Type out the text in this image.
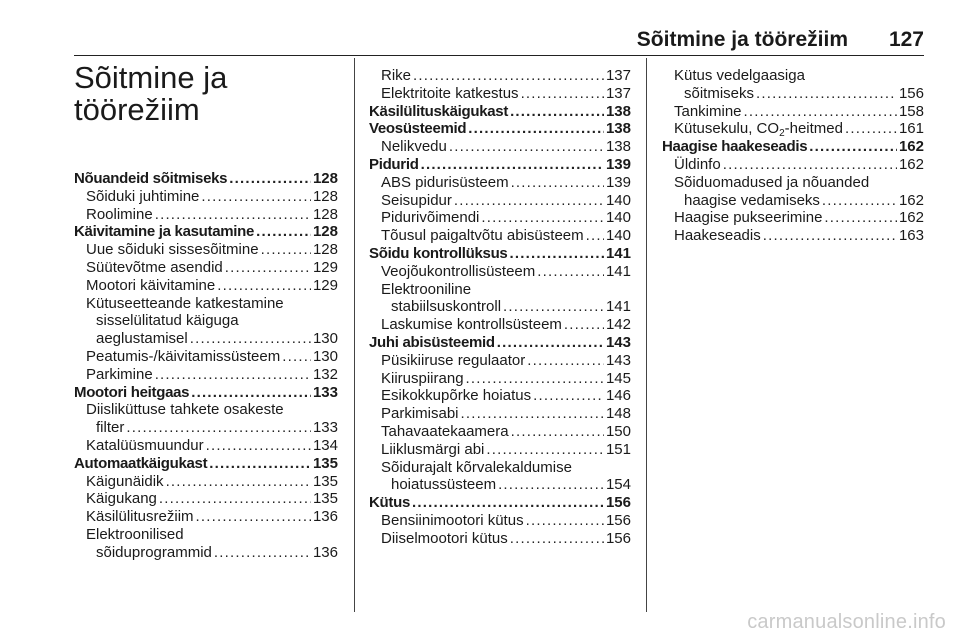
Sõitmine ja töörežiim 127
Sõitmine ja
töörežiim
Nõuandeid sõitmiseks .....	128
Sõiduki juhtimine .....	128
Roolimine .....	128
Käivitamine ja kasutamine .....	128
Uue sõiduki sissesõitmine .....	128
Süütevõtme asendid .....	129
Mootori käivitamine .....	129
Kütuseetteande katkestamine
sisselülitatud käiguga
aeglustamisel .....	130
Peatumis-/käivitamissüsteem ..... 130
Parkimine .....	132
Mootori heitgaas .....	133
Diisliküttuse tahkete osakeste
filter .....	133
Katalüüsmuundur .....	134
Automaatkäigukast .....	135
Käigunäidik .....	135
Käigukang .....	135
Käsilülitusrežiim .....	136
Elektroonilised
sõiduprogrammid .....	136
Rike .....	137
Elektritoite katkestus .....	137
Käsilülituskäigukast .....	138
Veosüsteemid .....	138
Nelikvedu .....	138
Pidurid .....	139
ABS pidurisüsteem .....	139
Seisupidur .....	140
Pidurivõimendi .....	140
Tõusul paigaltvõtu abisüsteem ..... 140
Sõidu kontrollüksus .....	141
Veojõukontrollisüsteem .....	141
Elektrooniline
stabiilsuskontroll .....	141
Laskumise kontrollsüsteem .....	142
Juhi abisüsteemid .....	143
Püsikiiruse regulaator .....	143
Kiiruspiirang .....	145
Esikokkupõrke hoiatus .....	146
Parkimisabi .....	148
Tahavaatekaamera .....	150
Liiklusmärgi abi .....	151
Sõidurajalt kõrvalekaldumise
hoiatussüsteem .....	154
Kütus .....	156
Bensiinimootori kütus .....	156
Diiselmootori kütus .....	156
Kütus vedelgaasiga
sõitmiseks .....	156
Tankimine .....	158
Kütusekulu, $CO_2$-heitmed .....	161
Haagise haakeseadis .....	162
Üldinfo .....	162
Sõiduomadused ja nõuanded
haagise vedamiseks .....	162
Haagise pukseerimine .....	162
Haakeseadis .....	163
carmanualsonline.info
